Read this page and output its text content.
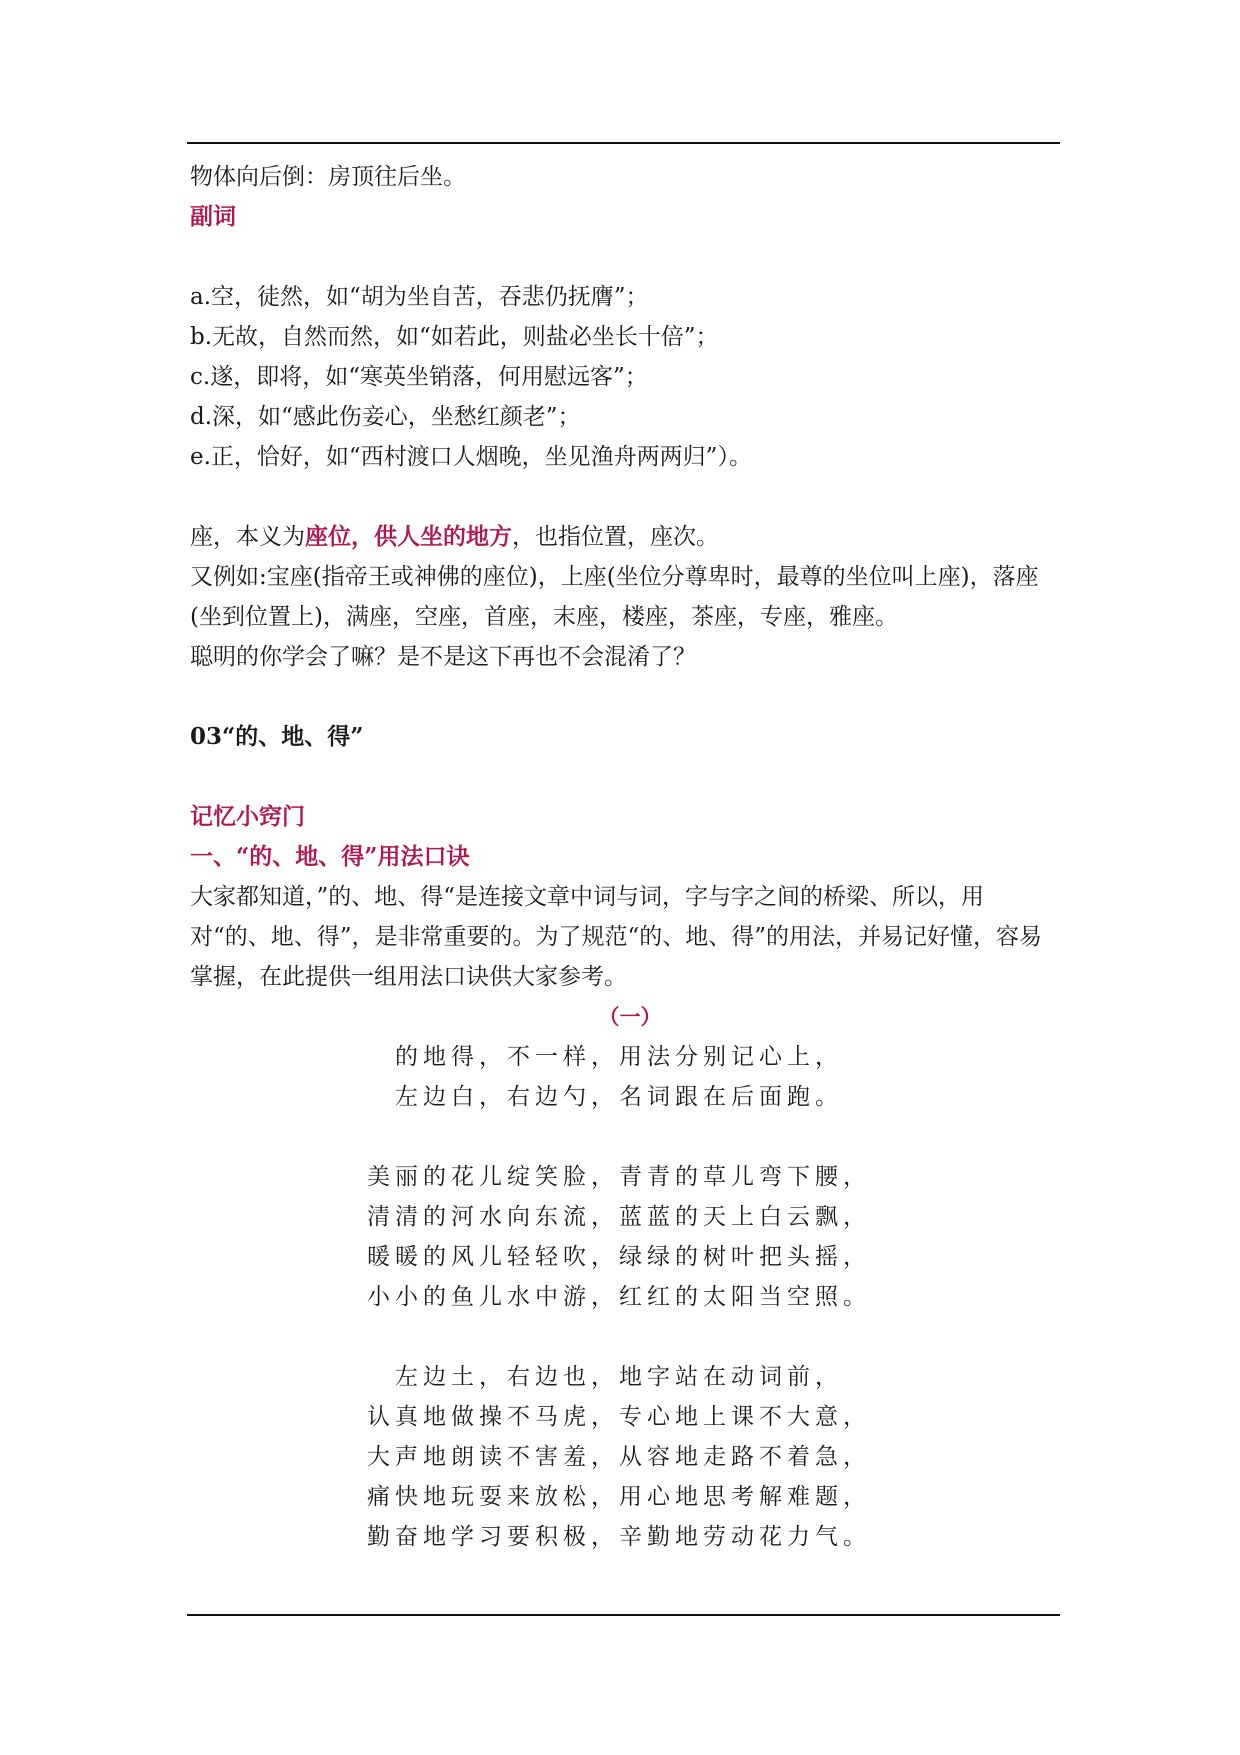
物体向后倒：房顶往后坐。
副词
a.空，徒然，如“胡为坐自苦，吞悲仍抚膺”；
b.无故，自然而然，如“如若此，则盐必坐长十倍”；
c.遂，即将，如“寒英坐销落，何用慰远客”；
d.深，如“感此伤妾心，坐愁红颜老”；
e.正，恰好，如“西村渡口人烟晚，坐见渔舟两两归”）。
座，本义为座位，供人坐的地方，也指位置，座次。
又例如:宝座(指帝王或神佛的座位)，上座(坐位分尊卑时，最尊的坐位叫上座)，落座(坐到位置上)，满座，空座，首座，末座，楼座，茶座，专座，雅座。
聪明的你学会了嘛？是不是这下再也不会混淆了？
03“的、地、得”
记忆小窍门
一、“的、地、得”用法口诀
大家都知道，”的、地、得“是连接文章中词与词，字与字之间的桥梁、所以，用对“的、地、得”，是非常重要的。为了规范“的、地、得”的用法，并易记好懂，容易掌握，在此提供一组用法口诀供大家参考。
（一）
的地得，不一样，用法分别记心上，
左边白，右边勺，名词跟在后面跑。
美丽的花儿绽笑脸，青青的草儿弯下腰，
清清的河水向东流，蓝蓝的天上白云飘，
暖暖的风儿轻轻吹，绿绿的树叶把头摇，
小小的鱼儿水中游，红红的太阳当空照。
左边土，右边也，地字站在动词前，
认真地做操不马虎，专心地上课不大意，
大声地朗读不害羞，从容地走路不着急，
痛快地玩耍来放松，用心地思考解难题，
勤奋地学习要积极，辛勤地劳动花力气。
